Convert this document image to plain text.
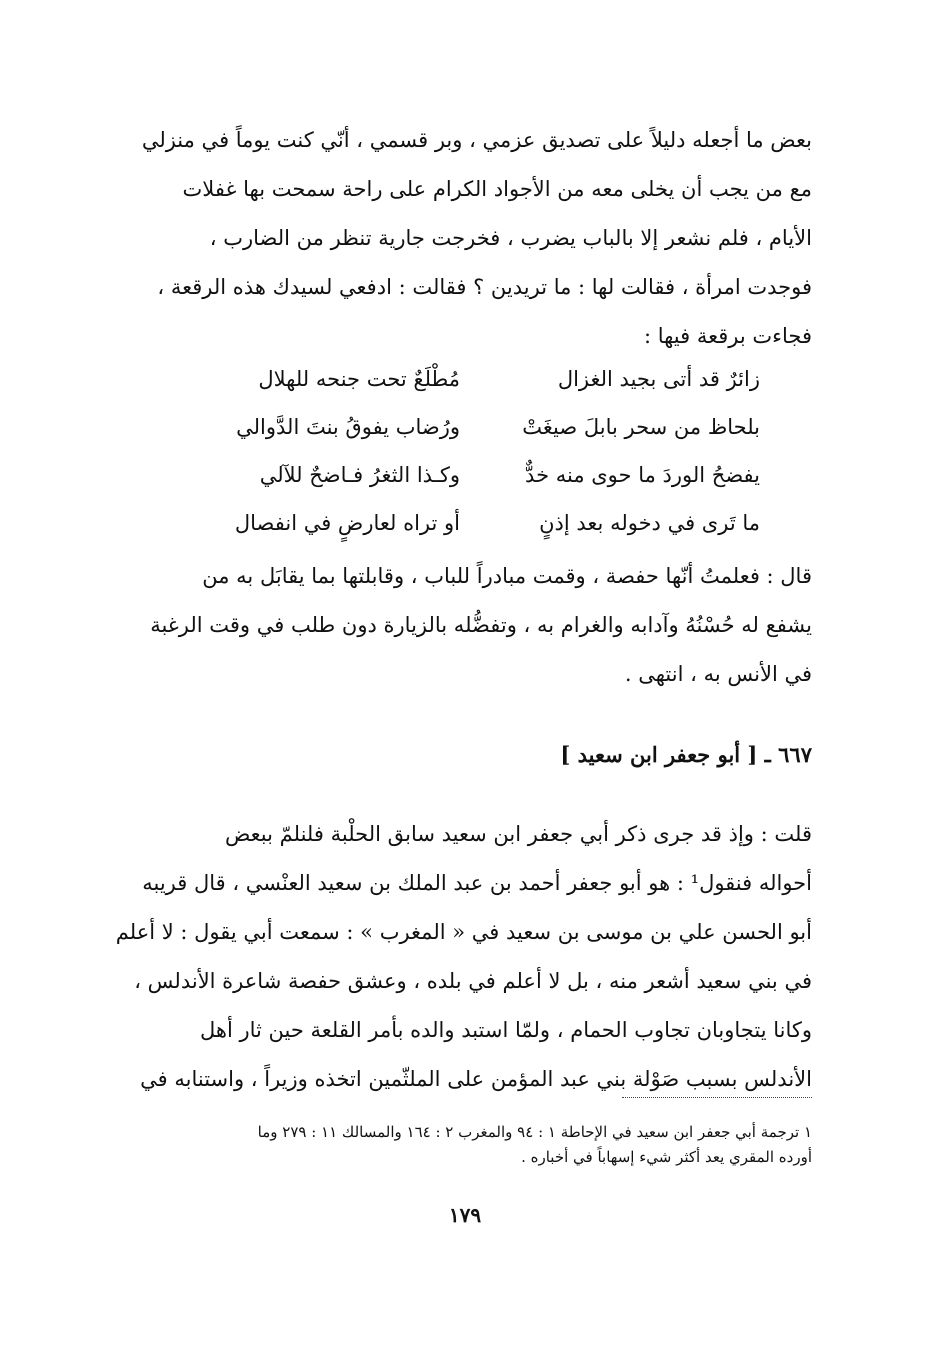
بعض ما أجعله دليلاً على تصديق عزمي ، وبر قسمي ، أنّي كنت يوماً في منزلي
مع من يجب أن يخلى معه من الأجواد الكرام على راحة سمحت بها غفلات
الأيام ، فلم نشعر إلا بالباب يضرب ، فخرجت جارية تنظر من الضارب ،
فوجدت امرأة ، فقالت لها : ما تريدين ؟ فقالت : ادفعي لسيدك هذه الرقعة ،
فجاءت برقعة فيها :
زائرٌ قد أتى بجيد الغزال
مُطْلَعٌ تحت جنحه للهلال
بلحاظ من سحر بابلَ صيغَتْ
ورُضاب يفوقُ بنتَ الدَّوالي
يفضحُ الوردَ ما حوى منه خدٌّ
وكـذا الثغرُ فـاضحٌ للآلي
ما تَرى في دخوله بعد إذنٍ
أو تراه لعارضٍ في انفصال
قال : فعلمتُ أنّها حفصة ، وقمت مبادراً للباب ، وقابلتها بما يقابَل به من
يشفع له حُسْنُهُ وآدابه والغرام به ، وتفضُّله بالزيارة دون طلب في وقت الرغبة
في الأنس به ، انتهى .
٦٦٧ ـ [ أبو جعفر ابن سعيد ]
قلت : وإذ قد جرى ذكر أبي جعفر ابن سعيد سابق الحلْبة فلنلمّ ببعض
أحواله فنقول¹ : هو أبو جعفر أحمد بن عبد الملك بن سعيد العنْسي ، قال قريبه
أبو الحسن علي بن موسى بن سعيد في « المغرب » : سمعت أبي يقول : لا أعلم
في بني سعيد أشعر منه ، بل لا أعلم في بلده ، وعشق حفصة شاعرة الأندلس ،
وكانا يتجاوبان تجاوب الحمام ، ولمّا استبد والده بأمر القلعة حين ثار أهل
الأندلس بسبب صَوْلة بني عبد المؤمن على الملثّمين اتخذه وزيراً ، واستنابه في
١ ترجمة أبي جعفر ابن سعيد في الإحاطة ١ : ٩٤ والمغرب ٢ : ١٦٤ والمسالك ١١ : ٢٧٩ وما
أورده المقري يعد أكثر شيء إسهاباً في أخباره .
١٧٩
